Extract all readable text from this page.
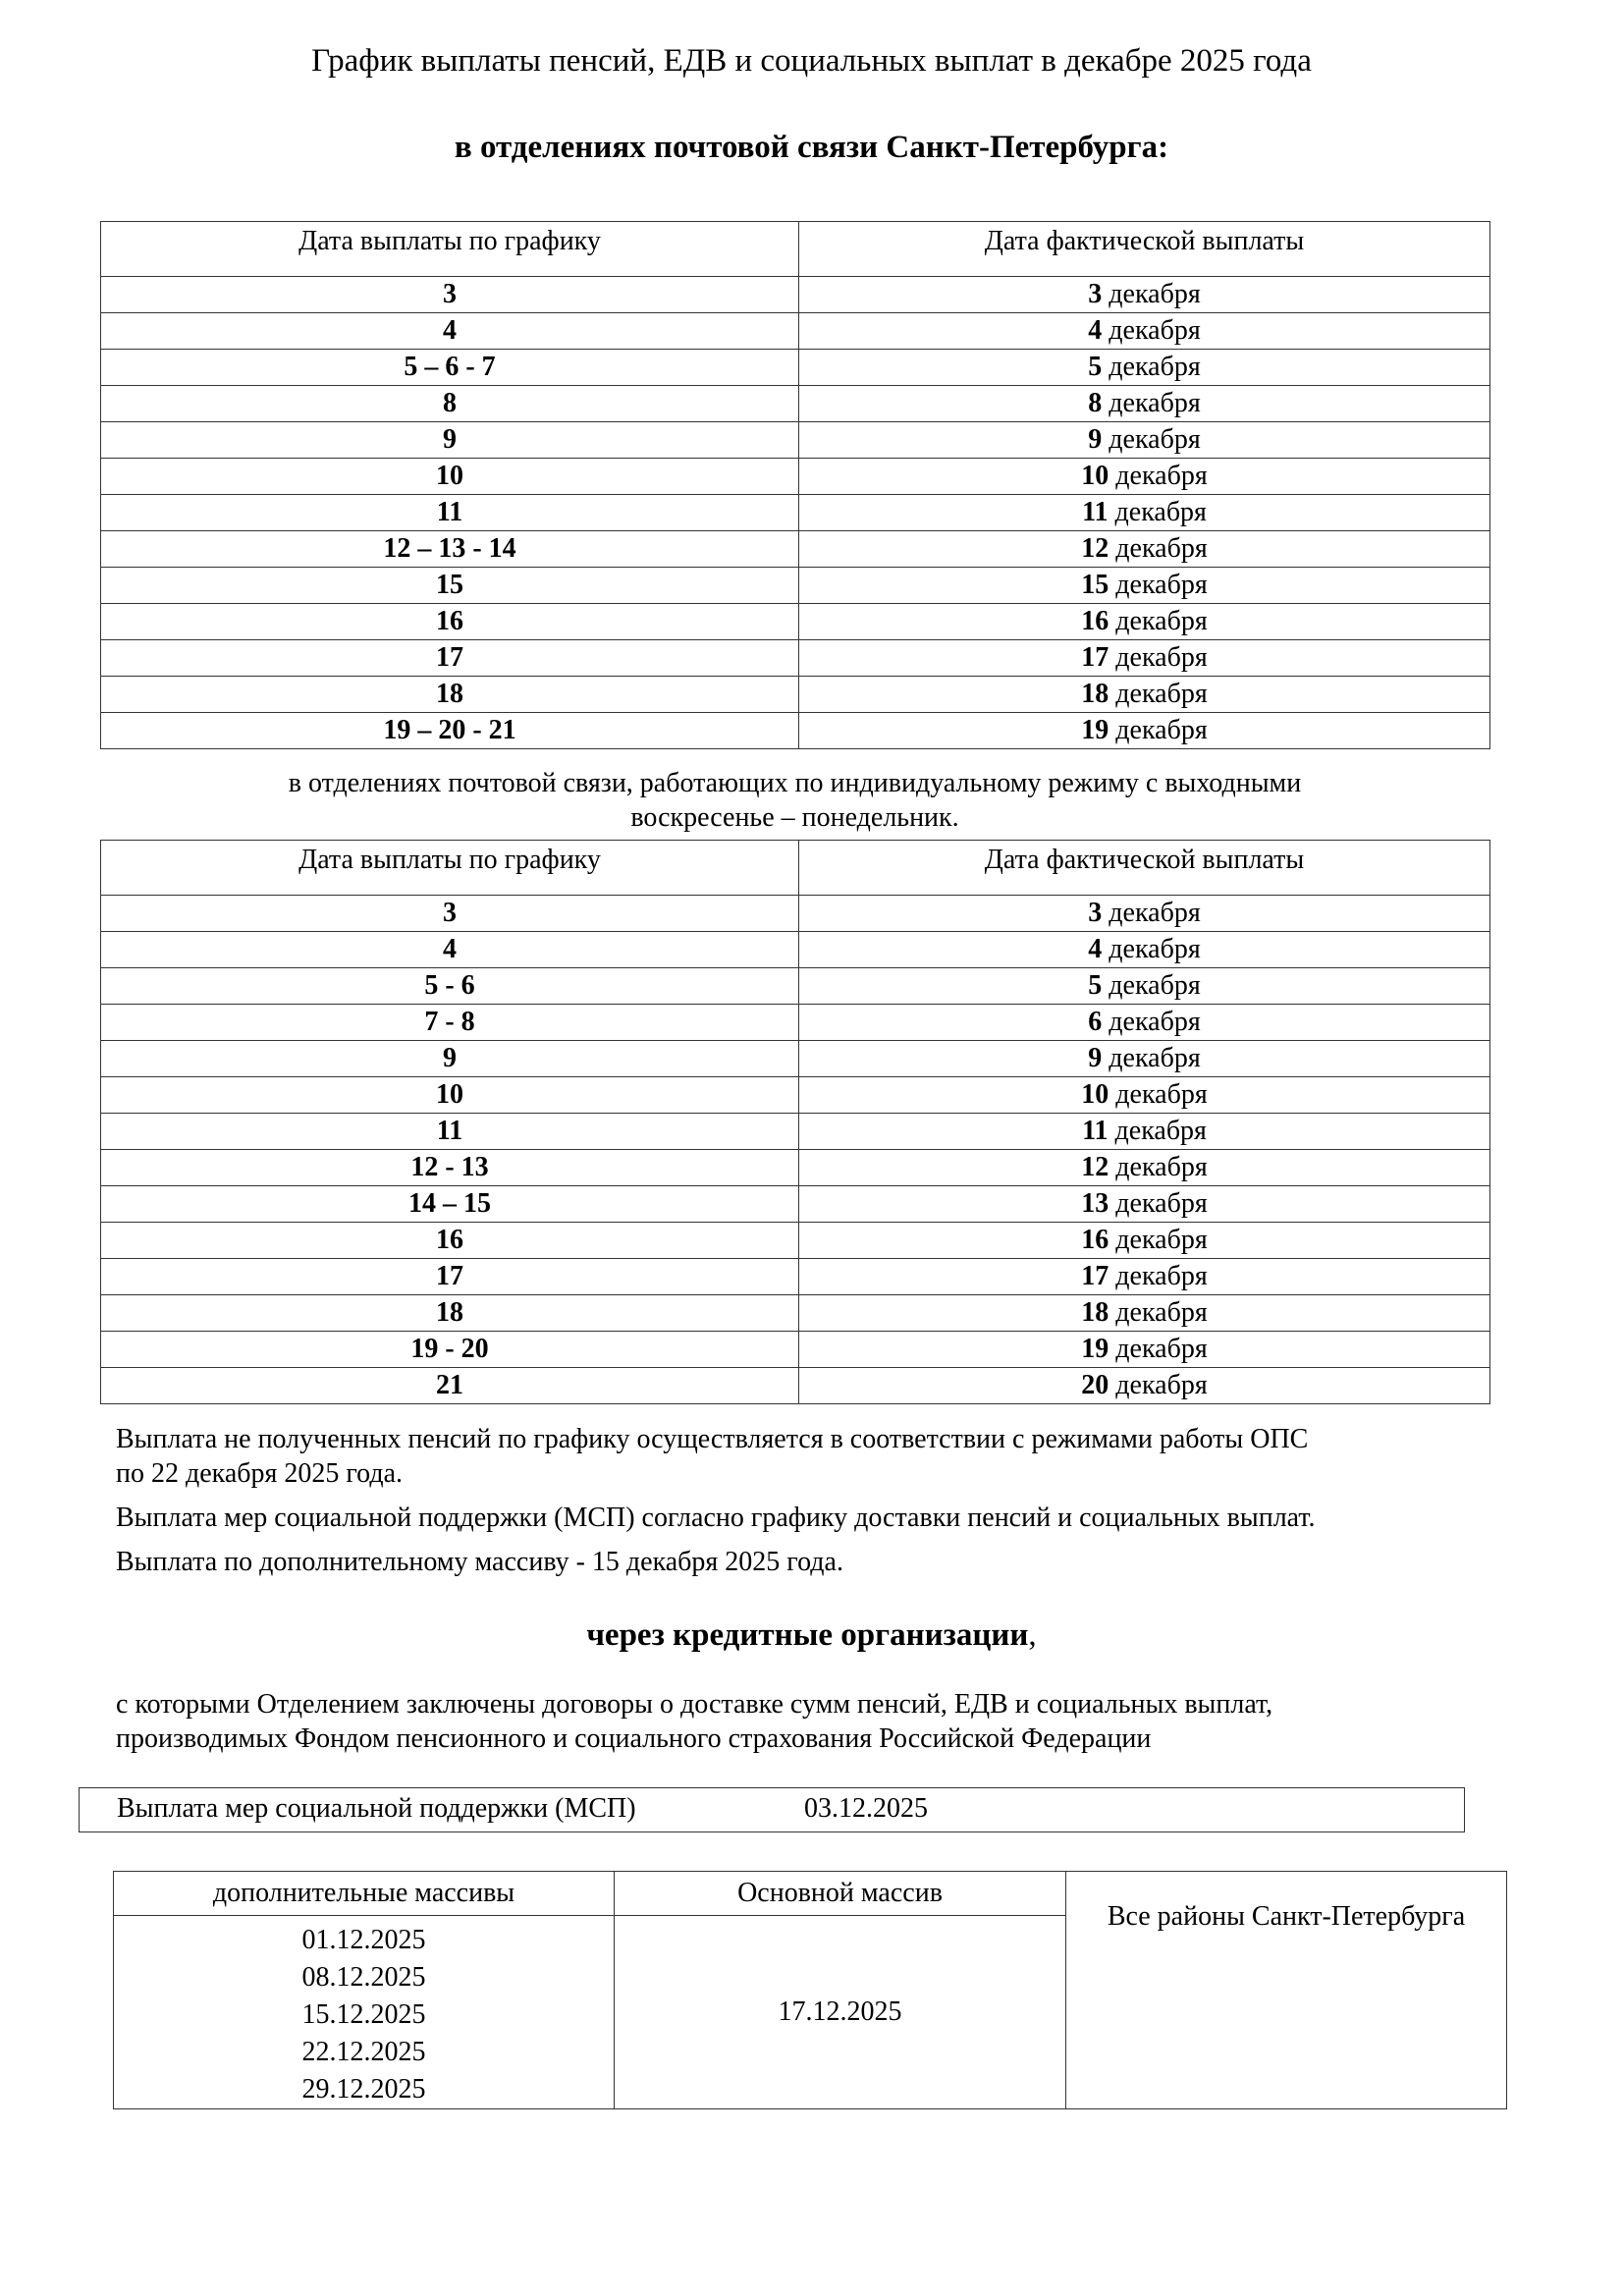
График выплаты пенсий, ЕДВ и социальных выплат в декабре 2025 года
в отделениях почтовой связи Санкт-Петербурга:
Дата выплаты по графику	Дата фактической выплаты
3	3 декабря
4	4 декабря
5 – 6 - 7	5 декабря
8	8 декабря
9	9 декабря
10	10 декабря
11	11 декабря
12 – 13 - 14	12 декабря
15	15 декабря
16	16 декабря
17	17 декабря
18	18 декабря
19 – 20 - 21	19 декабря
в отделениях почтовой связи, работающих по индивидуальному режиму с выходными
воскресенье – понедельник.
Дата выплаты по графику	Дата фактической выплаты
3	3 декабря
4	4 декабря
5 - 6	5 декабря
7 - 8	6 декабря
9	9 декабря
10	10 декабря
11	11 декабря
12 - 13	12 декабря
14 – 15	13 декабря
16	16 декабря
17	17 декабря
18	18 декабря
19 - 20	19 декабря
21	20 декабря
Выплата не полученных пенсий по графику осуществляется в соответствии с режимами работы ОПС
по 22 декабря 2025 года.
Выплата мер социальной поддержки (МСП) согласно графику доставки пенсий и социальных выплат.
Выплата по дополнительному массиву - 15 декабря 2025 года.
через кредитные организации,
с которыми Отделением заключены договоры о доставке сумм пенсий, ЕДВ и социальных выплат,
производимых Фондом пенсионного и социального страхования Российской Федерации
Выплата мер социальной поддержки (МСП)	03.12.2025
дополнительные массивы	Основной массив	Все районы Санкт-Петербурга

01.12.2025
08.12.2025
15.12.2025
22.12.2025
29.12.2025	17.12.2025	
